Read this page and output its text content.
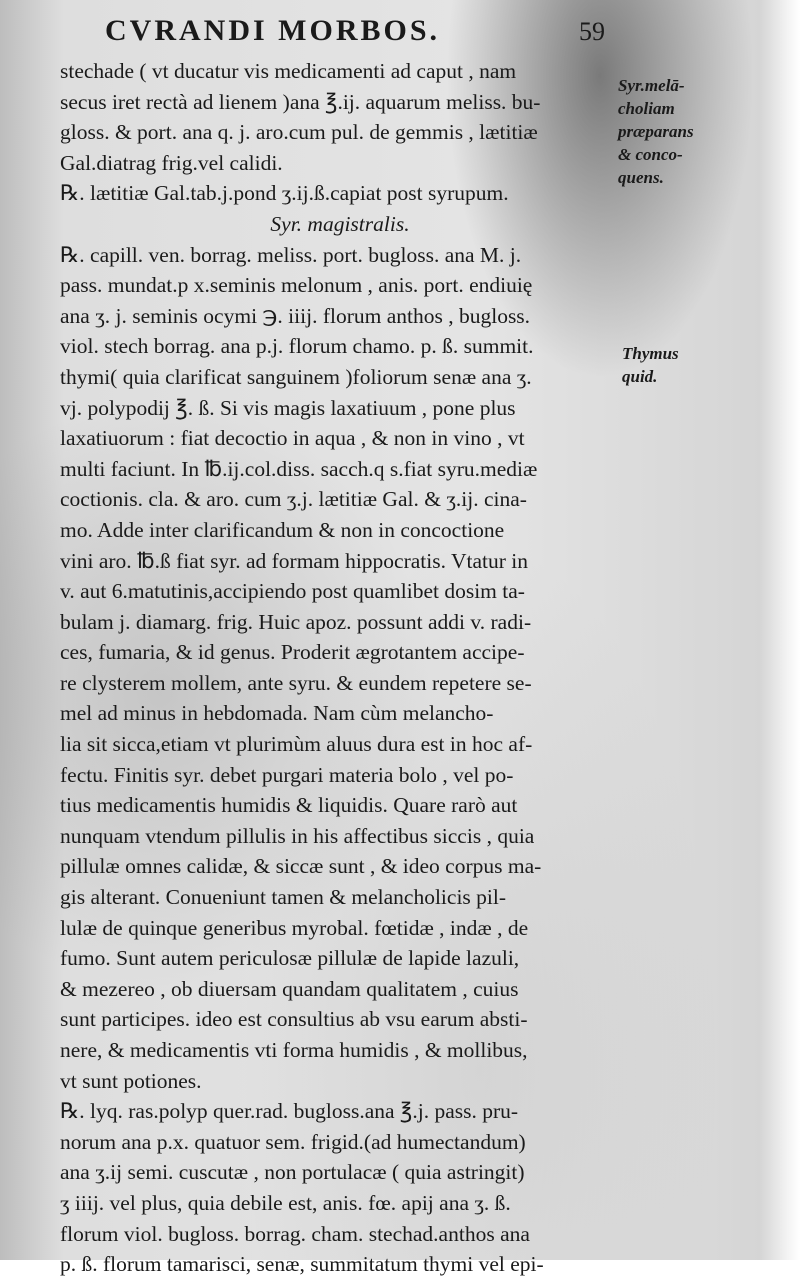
CVRANDI MORBOS.	59
stechade ( vt ducatur vis medicamenti ad caput , nam
secus iret rectà ad lienem )ana ℥.ij. aquarum meliss. bu-
gloss. & port. ana q. j. aro.cum pul. de gemmis , lætitiæ
Gal.diatrag frig.vel calidi.
℞. lætitiæ Gal.tab.j.pond ʒ.ij.ß.capiat post syrupum.
Syr. magistralis.
℞. capill. ven. borrag. meliss. port. bugloss. ana M. j.
pass. mundat.p x.seminis melonum , anis. port. endiuię
ana ʒ. j. seminis ocymi ℈. iiij. florum anthos , bugloss.
viol. stech borrag. ana p.j. florum chamo. p. ß. summit.
thymi( quia clarificat sanguinem )foliorum senæ ana ʒ.
vj. polypodij ℥. ß. Si vis magis laxatiuum , pone plus
laxatiuorum : fiat decoctio in aqua , & non in vino , vt
multi faciunt. In ℔.ij.col.diss. sacch.q s.fiat syru.mediæ
coctionis. cla. & aro. cum ʒ.j. lætitiæ Gal. & ʒ.ij. cina-
mo. Adde inter clarificandum & non in concoctione
vini aro. ℔.ß fiat syr. ad formam hippocratis. Vtatur in
v. aut 6.matutinis,accipiendo post quamlibet dosim ta-
bulam j. diamarg. frig. Huic apoz. possunt addi v. radi-
ces, fumaria, & id genus. Proderit ægrotantem accipe-
re clysterem mollem, ante syru. & eundem repetere se-
mel ad minus in hebdomada. Nam cùm melancho-
lia sit sicca,etiam vt plurimùm aluus dura est in hoc af-
fectu. Finitis syr. debet purgari materia bolo , vel po-
tius medicamentis humidis & liquidis. Quare rarò aut
nunquam vtendum pillulis in his affectibus siccis , quia
pillulæ omnes calidæ, & siccæ sunt , & ideo corpus ma-
gis alterant. Conueniunt tamen & melancholicis pil-
lulæ de quinque generibus myrobal. fœtidæ , indæ , de
fumo. Sunt autem periculosæ pillulæ de lapide lazuli,
& mezereo , ob diuersam quandam qualitatem , cuius
sunt participes. ideo est consultius ab vsu earum absti-
nere, & medicamentis vti forma humidis , & mollibus,
vt sunt potiones.
℞. lyq. ras.polyp quer.rad. bugloss.ana ℥.j. pass. pru-
norum ana p.x. quatuor sem. frigid.(ad humectandum)
ana ʒ.ij semi. cuscutæ , non portulacæ ( quia astringit)
ʒ iiij. vel plus, quia debile est, anis. fœ. apij ana ʒ. ß.
florum viol. bugloss. borrag. cham. stechad.anthos ana
p. ß. florum tamarisci, senæ, summitatum thymi vel epi-
Syr.melā-
choliam
præparans
& conco-
quens.
Thymus
quid.
